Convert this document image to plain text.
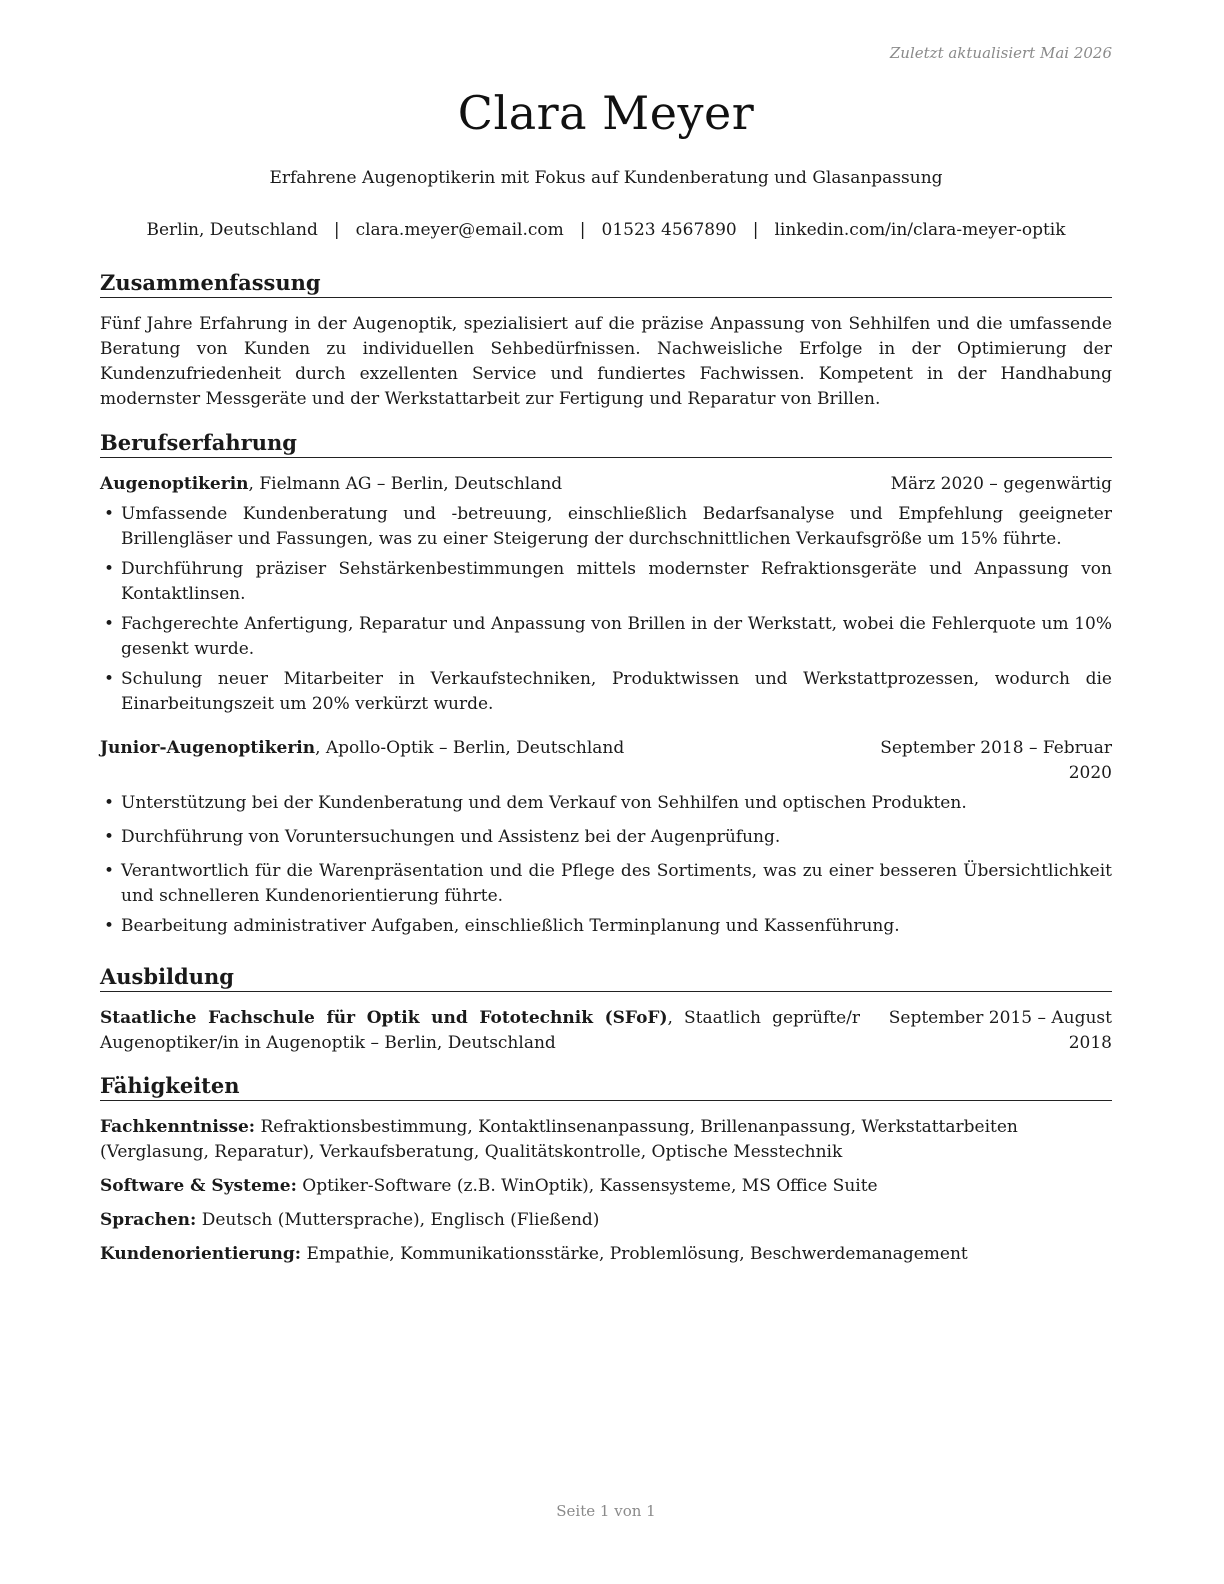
Zuletzt aktualisiert Mai 2026
Clara Meyer
Erfahrene Augenoptikerin mit Fokus auf Kundenberatung und Glasanpassung
Berlin, Deutschland | clara.meyer@email.com | 01523 4567890 | linkedin.com/in/clara-meyer-optik
Zusammenfassung
Fünf Jahre Erfahrung in der Augenoptik, spezialisiert auf die präzise Anpassung von Sehhilfen und die umfassende Beratung von Kunden zu individuellen Sehbedürfnissen. Nachweisliche Erfolge in der Optimierung der Kundenzufriedenheit durch exzellenten Service und fundiertes Fachwissen. Kompetent in der Handhabung modernster Messgeräte und der Werkstattarbeit zur Fertigung und Reparatur von Brillen.
Berufserfahrung
Augenoptikerin, Fielmann AG – Berlin, Deutschland	März 2020 – gegenwärtig
• Umfassende Kundenberatung und -betreuung, einschließlich Bedarfsanalyse und Empfehlung geeigneter Brillengläser und Fassungen, was zu einer Steigerung der durchschnittlichen Verkaufsgröße um 15% führte.
• Durchführung präziser Sehstärkenbestimmungen mittels modernster Refraktionsgeräte und Anpassung von Kontaktlinsen.
• Fachgerechte Anfertigung, Reparatur und Anpassung von Brillen in der Werkstatt, wobei die Fehlerquote um 10% gesenkt wurde.
• Schulung neuer Mitarbeiter in Verkaufstechniken, Produktwissen und Werkstattprozessen, wodurch die Einarbeitungszeit um 20% verkürzt wurde.
Junior-Augenoptikerin, Apollo-Optik – Berlin, Deutschland	September 2018 – Februar 2020
• Unterstützung bei der Kundenberatung und dem Verkauf von Sehhilfen und optischen Produkten.
• Durchführung von Voruntersuchungen und Assistenz bei der Augenprüfung.
• Verantwortlich für die Warenpräsentation und die Pflege des Sortiments, was zu einer besseren Übersichtlichkeit und schnelleren Kundenorientierung führte.
• Bearbeitung administrativer Aufgaben, einschließlich Terminplanung und Kassenführung.
Ausbildung
Staatliche Fachschule für Optik und Fototechnik (SFoF), Staatlich geprüfte/r Augenoptiker/in in Augenoptik – Berlin, Deutschland
September 2015 – August 2018
Fähigkeiten
Fachkenntnisse: Refraktionsbestimmung, Kontaktlinsenanpassung, Brillenanpassung, Werkstattarbeiten (Verglasung, Reparatur), Verkaufsberatung, Qualitätskontrolle, Optische Messtechnik
Software & Systeme: Optiker-Software (z.B. WinOptik), Kassensysteme, MS Office Suite
Sprachen: Deutsch (Muttersprache), Englisch (Fließend)
Kundenorientierung: Empathie, Kommunikationsstärke, Problemlösung, Beschwerdemanagement
Seite 1 von 1
